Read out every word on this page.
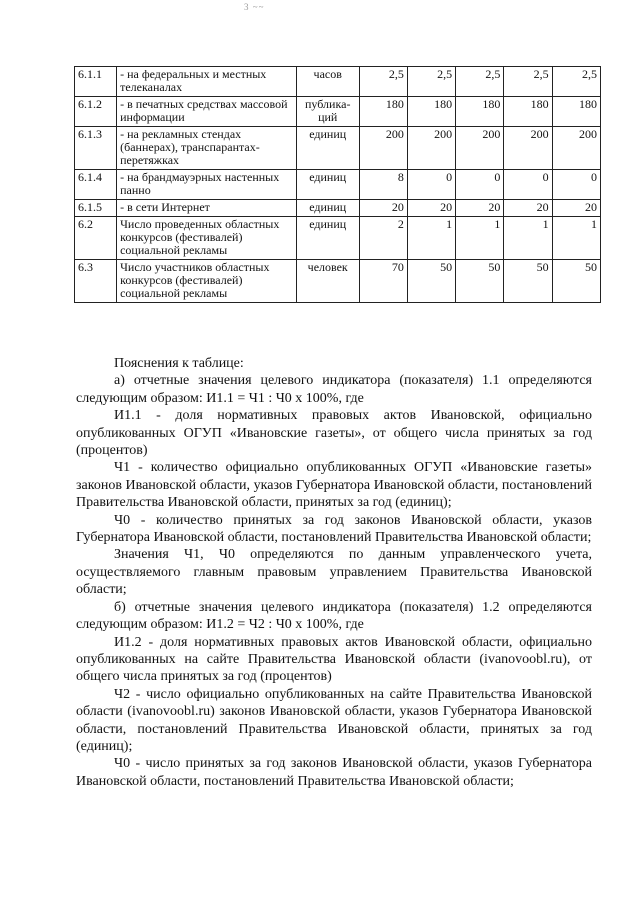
3 ~~
6.1.1	- на федеральных и местных телеканалах	часов	2,5	2,5	2,5	2,5	2,5
6.1.2	- в печатных средствах массовой информации	публика-ций	180	180	180	180	180
6.1.3	- на рекламных стендах (баннерах), транспарантах-перетяжках	единиц	200	200	200	200	200
6.1.4	- на брандмауэрных настенных панно	единиц	8	0	0	0	0
6.1.5	- в сети Интернет	единиц	20	20	20	20	20
6.2	Число проведенных областных конкурсов (фестивалей) социальной рекламы	единиц	2	1	1	1	1
6.3	Число участников областных конкурсов (фестивалей) социальной рекламы	человек	70	50	50	50	50

Пояснения к таблице:

а) отчетные значения целевого индикатора (показателя) 1.1 определяются следующим образом: И1.1 = Ч1 : Ч0 х 100%, где

И1.1 - доля нормативных правовых актов Ивановской, официально опубликованных ОГУП «Ивановские газеты», от общего числа принятых за год (процентов)

Ч1 - количество официально опубликованных ОГУП «Ивановские газеты» законов Ивановской области, указов Губернатора Ивановской области, постановлений Правительства Ивановской области, принятых за год (единиц);

Ч0 - количество принятых за год законов Ивановской области, указов Губернатора Ивановской области, постановлений Правительства Ивановской области;

Значения Ч1, Ч0 определяются по данным управленческого учета, осуществляемого главным правовым управлением Правительства Ивановской области;

б) отчетные значения целевого индикатора (показателя) 1.2 определяются следующим образом: И1.2 = Ч2 : Ч0 х 100%, где

И1.2 - доля нормативных правовых актов Ивановской области, официально опубликованных на сайте Правительства Ивановской области (ivanovoobl.ru), от общего числа принятых за год (процентов)

Ч2 - число официально опубликованных на сайте Правительства Ивановской области (ivanovoobl.ru) законов Ивановской области, указов Губернатора Ивановской области, постановлений Правительства Ивановской области, принятых за год (единиц);

Ч0 - число принятых за год законов Ивановской области, указов Губернатора Ивановской области, постановлений Правительства Ивановской области;
